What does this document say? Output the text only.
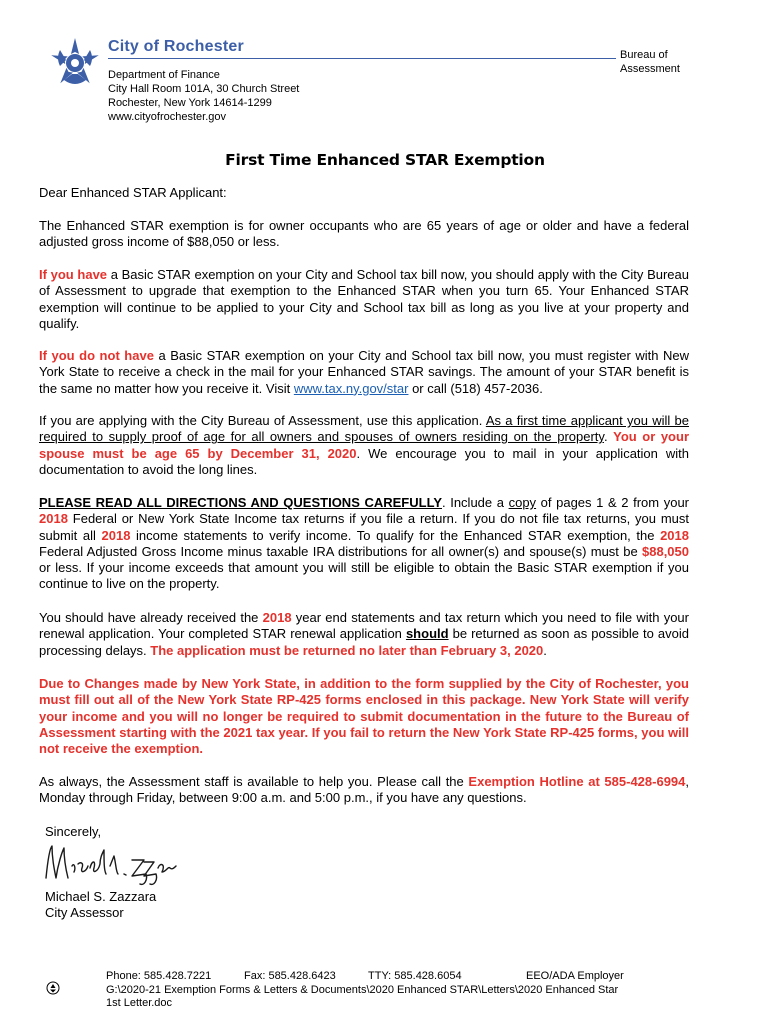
City of Rochester	Bureau of
Assessment
Department of Finance
City Hall Room 101A, 30 Church Street
Rochester, New York 14614-1299
www.cityofrochester.gov
First Time Enhanced STAR Exemption
Dear Enhanced STAR Applicant:
The Enhanced STAR exemption is for owner occupants who are 65 years of age or older and have a federal adjusted gross income of $88,050 or less.
If you have a Basic STAR exemption on your City and School tax bill now, you should apply with the City Bureau of Assessment to upgrade that exemption to the Enhanced STAR when you turn 65. Your Enhanced STAR exemption will continue to be applied to your City and School tax bill as long as you live at your property and qualify.
If you do not have a Basic STAR exemption on your City and School tax bill now, you must register with New York State to receive a check in the mail for your Enhanced STAR savings. The amount of your STAR benefit is the same no matter how you receive it. Visit www.tax.ny.gov/star or call (518) 457-2036.
If you are applying with the City Bureau of Assessment, use this application. As a first time applicant you will be required to supply proof of age for all owners and spouses of owners residing on the property. You or your spouse must be age 65 by December 31, 2020. We encourage you to mail in your application with documentation to avoid the long lines.
PLEASE READ ALL DIRECTIONS AND QUESTIONS CAREFULLY. Include a copy of pages 1 & 2 from your 2018 Federal or New York State Income tax returns if you file a return. If you do not file tax returns, you must submit all 2018 income statements to verify income. To qualify for the Enhanced STAR exemption, the 2018 Federal Adjusted Gross Income minus taxable IRA distributions for all owner(s) and spouse(s) must be $88,050 or less. If your income exceeds that amount you will still be eligible to obtain the Basic STAR exemption if you continue to live on the property.
You should have already received the 2018 year end statements and tax return which you need to file with your renewal application. Your completed STAR renewal application should be returned as soon as possible to avoid processing delays. The application must be returned no later than February 3, 2020.
Due to Changes made by New York State, in addition to the form supplied by the City of Rochester, you must fill out all of the New York State RP-425 forms enclosed in this package. New York State will verify your income and you will no longer be required to submit documentation in the future to the Bureau of Assessment starting with the 2021 tax year. If you fail to return the New York State RP-425 forms, you will not receive the exemption.
As always, the Assessment staff is available to help you. Please call the Exemption Hotline at 585-428-6994, Monday through Friday, between 9:00 a.m. and 5:00 p.m., if you have any questions.
Sincerely,
Michael S. Zazzara
City Assessor
Phone: 585.428.7221	Fax: 585.428.6423	TTY: 585.428.6054	EEO/ADA Employer
G:\2020-21 Exemption Forms & Letters & Documents\2020 Enhanced STAR\Letters\2020 Enhanced Star
1st Letter.doc
